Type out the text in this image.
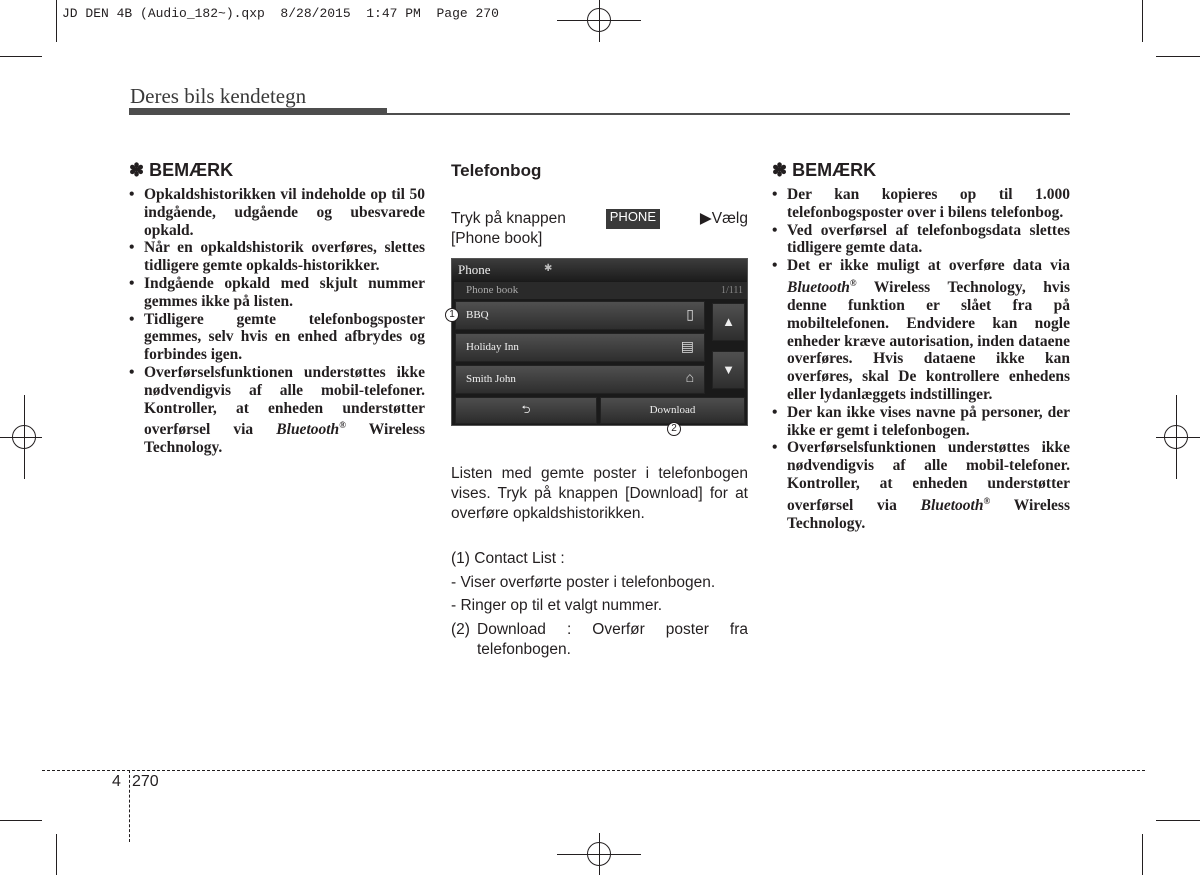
JD DEN 4B (Audio_182~).qxp  8/28/2015  1:47 PM  Page 270
Deres bils kendetegn
✽ BEMÆRK
• Opkaldshistorikken vil indeholde op til 50 indgående, udgående og ubesvarede opkald.
• Når en opkaldshistorik overføres, slettes tidligere gemte opkalds-historikker.
• Indgående opkald med skjult nummer gemmes ikke på listen.
• Tidligere gemte telefonbogsposter gemmes, selv hvis en enhed afbrydes og forbindes igen.
• Overførselsfunktionen understøttes ikke nødvendigvis af alle mobil-telefoner. Kontroller, at enheden understøtter overførsel via Bluetooth® Wireless Technology.
Telefonbog
Tryk på knappen	PHONE	▶Vælg
[Phone book]
Phone	✱
Phone book	1/111
BBQ	▯
Holiday Inn	▤
Smith John	⌂
▲
▼
⮌	Download
1
2
Listen med gemte poster i telefonbogen vises. Tryk på knappen [Download] for at overføre opkaldshistorikken.
(1) Contact List :
- Viser overførte poster i telefonbogen.
- Ringer op til et valgt nummer.
(2) Download : Overfør poster fra
telefonbogen.
✽ BEMÆRK
• Der kan kopieres op til 1.000 telefonbogsposter over i bilens telefonbog.
• Ved overførsel af telefonbogsdata slettes tidligere gemte data.
• Det er ikke muligt at overføre data via Bluetooth® Wireless Technology, hvis denne funktion er slået fra på mobiltelefonen. Endvidere kan nogle enheder kræve autorisation, inden dataene overføres. Hvis dataene ikke kan overføres, skal De kontrollere enhedens eller lydanlæggets indstillinger.
• Der kan ikke vises navne på personer, der ikke er gemt i telefonbogen.
• Overførselsfunktionen understøttes ikke nødvendigvis af alle mobil-telefoner. Kontroller, at enheden understøtter overførsel via Bluetooth® Wireless Technology.
4 270
